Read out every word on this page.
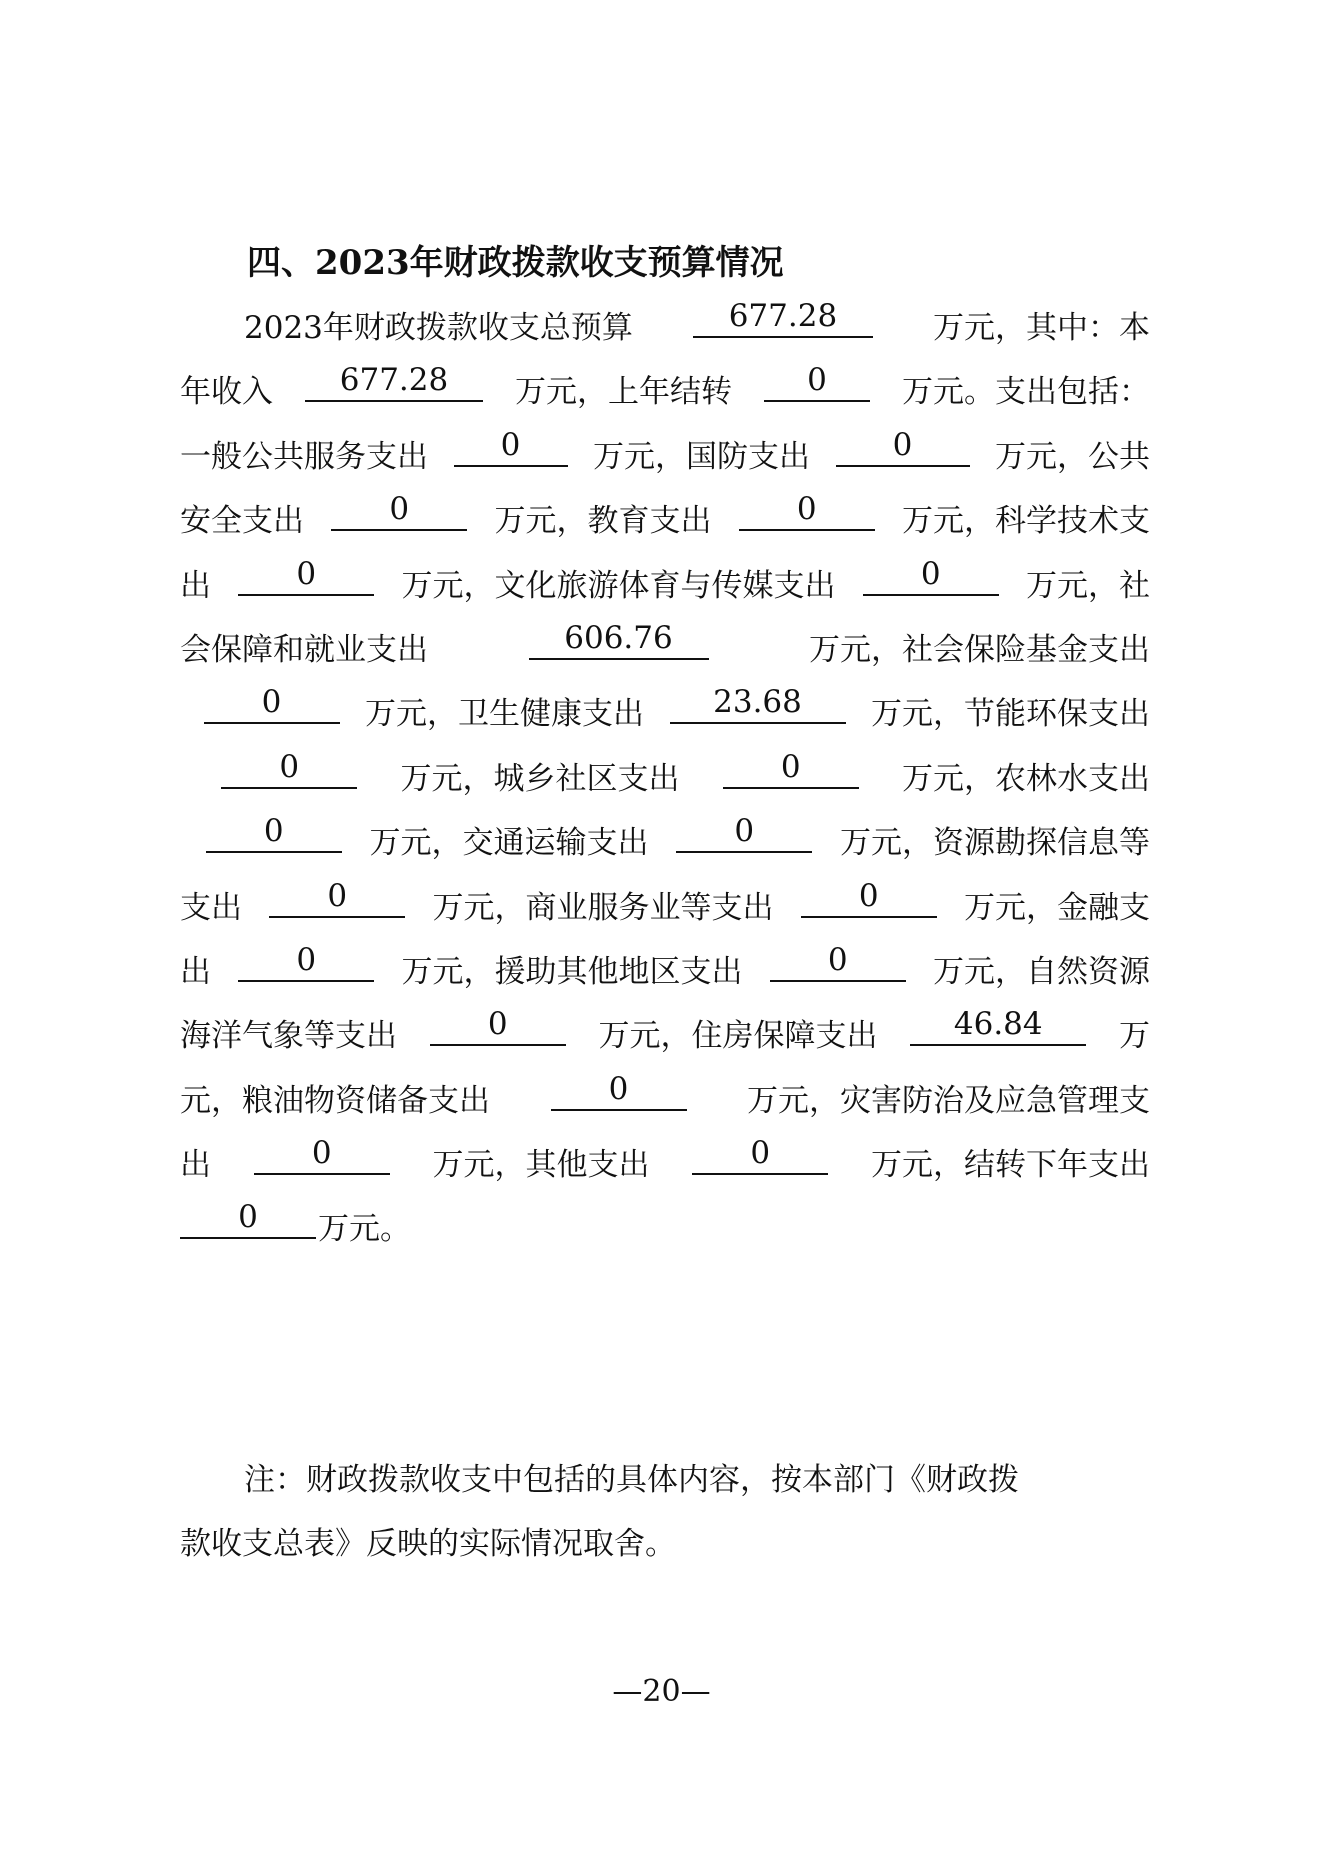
四、2023年财政拨款收支预算情况
2023年财政拨款收支总预算	677.28	万元，其中：本
年收入	677.28	万元，上年结转	0	万元。支出包括：
一般公共服务支出	0	万元，国防支出	0	万元，公共
安全支出	0	万元，教育支出	0	万元，科学技术支
出	0	万元，文化旅游体育与传媒支出	0	万元，社
会保障和就业支出	606.76	万元，社会保险基金支出
0	万元，卫生健康支出	23.68	万元，节能环保支出
0	万元，城乡社区支出	0	万元，农林水支出
0	万元，交通运输支出	0	万元，资源勘探信息等
支出	0	万元，商业服务业等支出	0	万元，金融支
出	0	万元，援助其他地区支出	0	万元，自然资源
海洋气象等支出	0	万元，住房保障支出	46.84	万
元，粮油物资储备支出	0	万元，灾害防治及应急管理支
出	0	万元，其他支出	0	万元，结转下年支出
0	万元。
注：财政拨款收支中包括的具体内容，按本部门《财政拨
款收支总表》反映的实际情况取舍。
—20—
